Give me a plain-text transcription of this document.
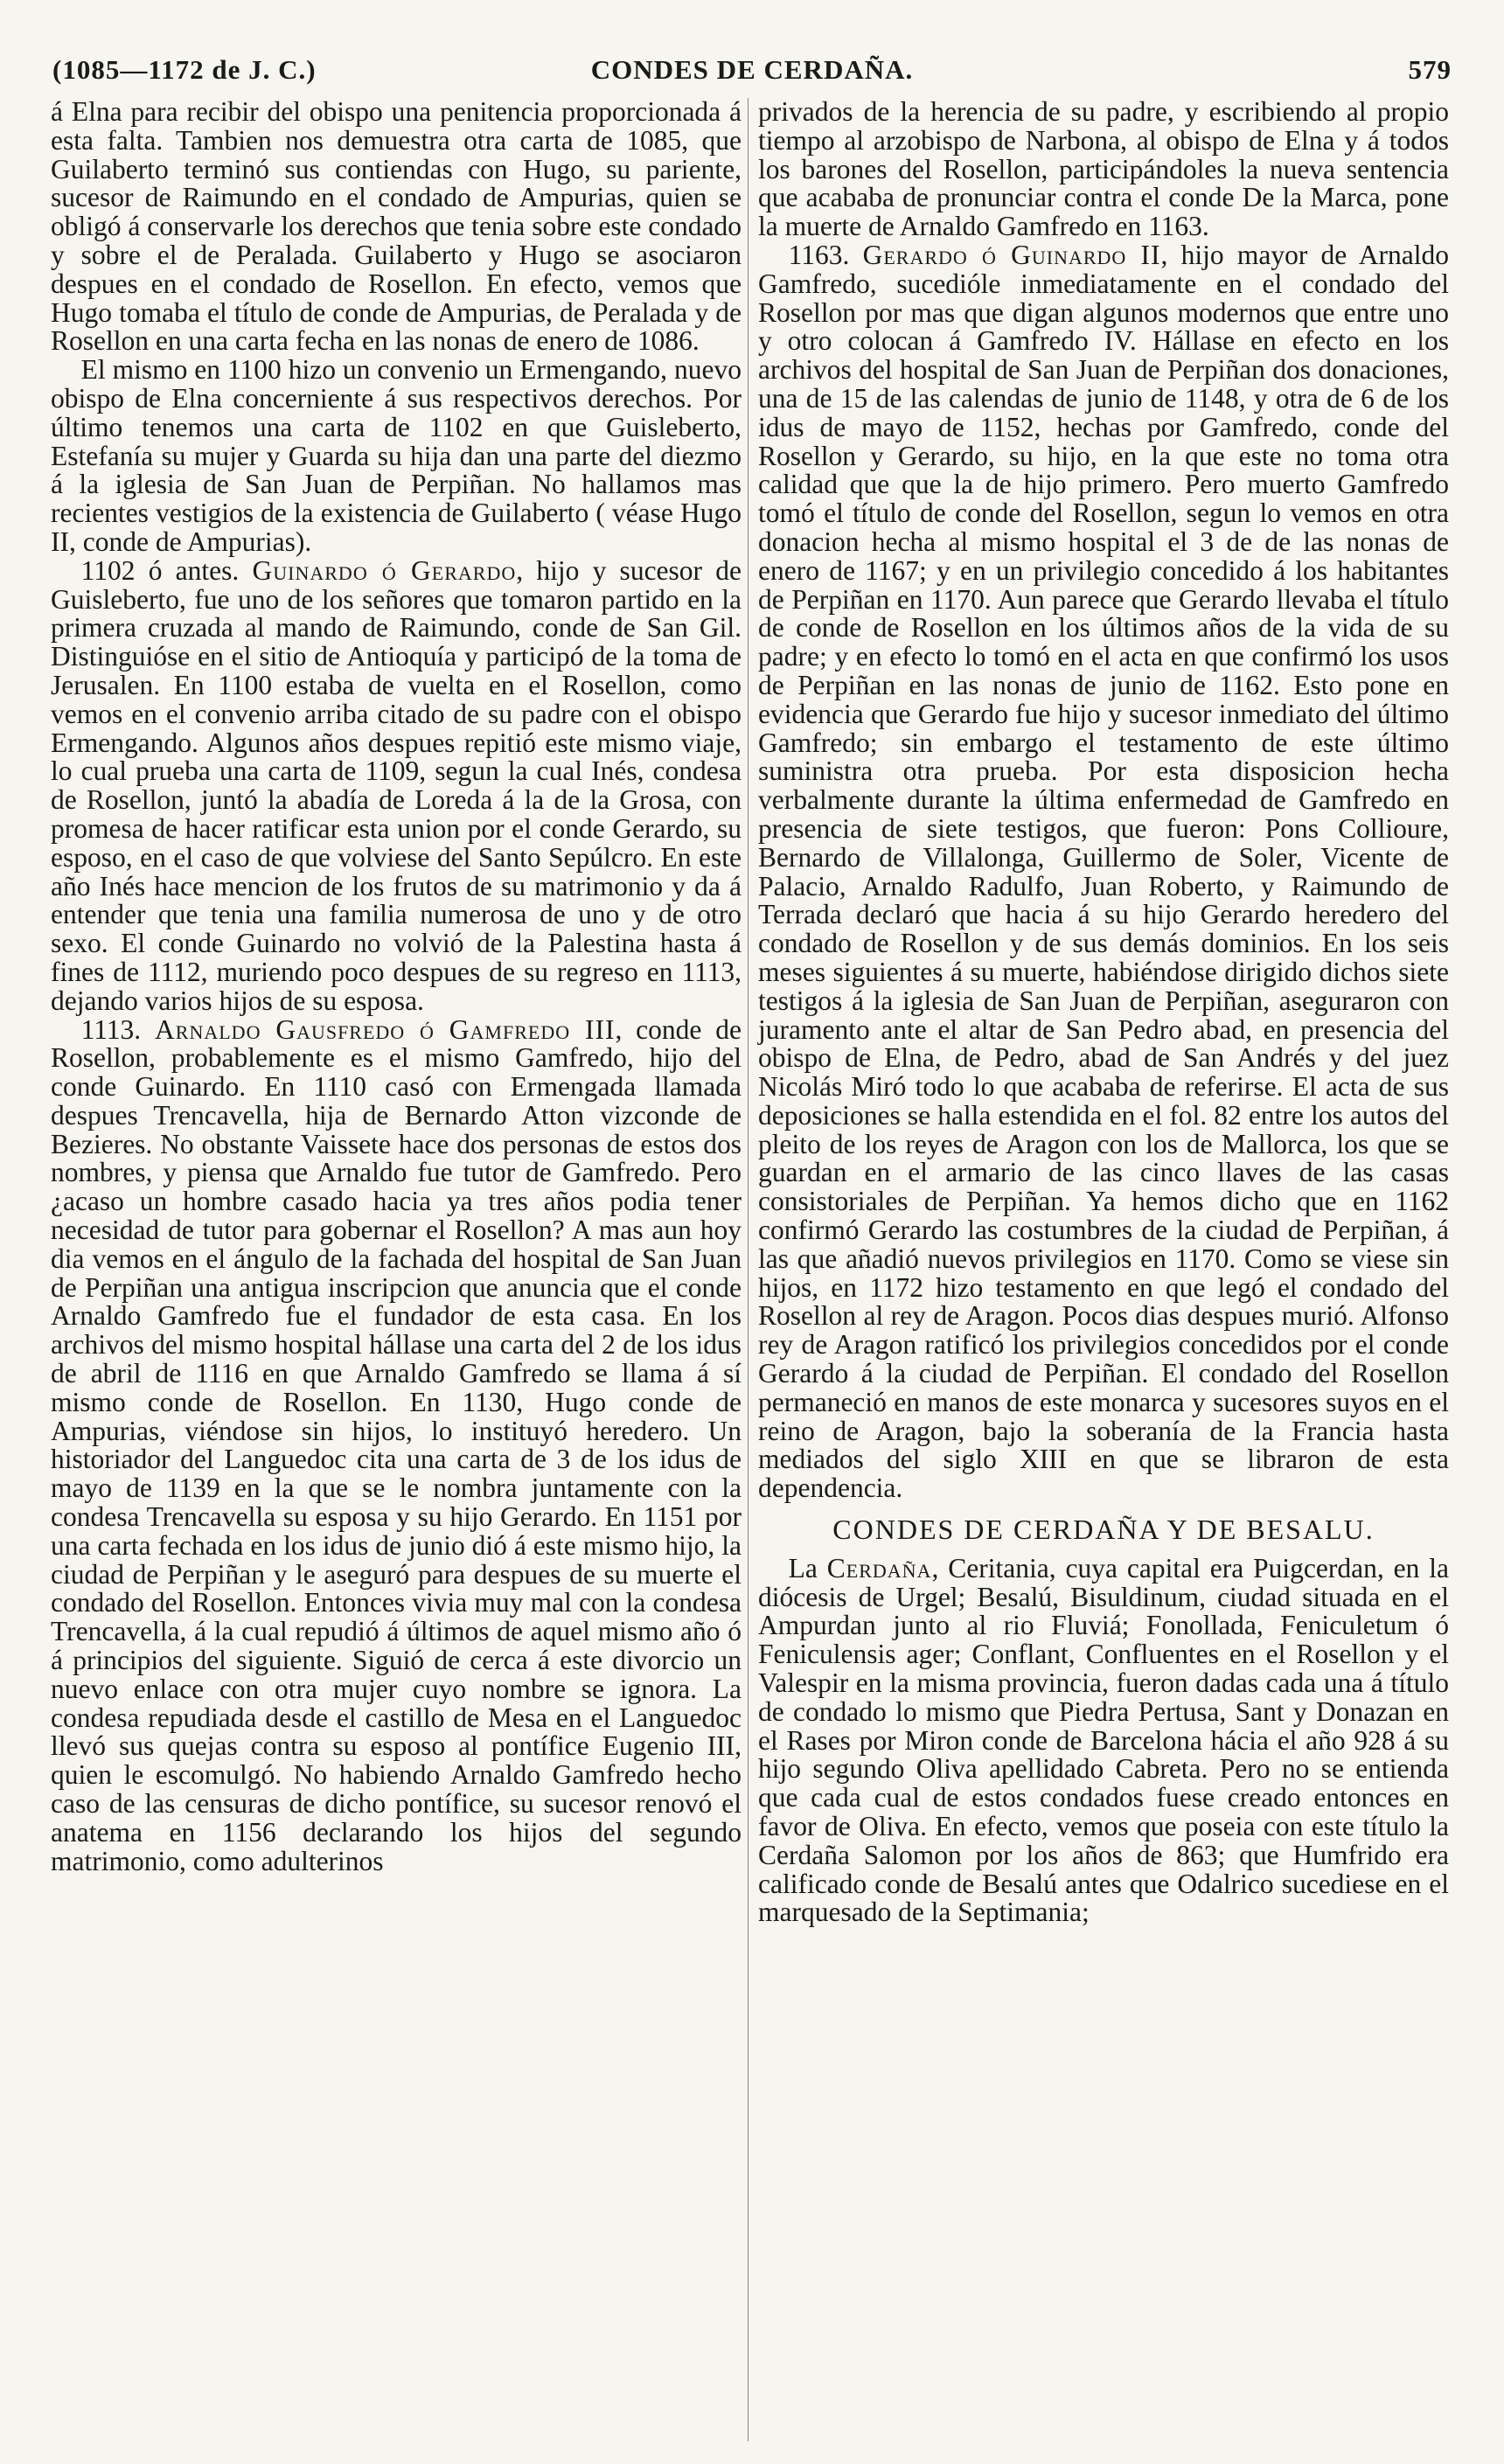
(1085—1172 de J. C.)	CONDES DE CERDAÑA.	579

á Elna para recibir del obispo una penitencia proporcionada á esta falta. Tambien nos demuestra otra carta de 1085, que Guilaberto terminó sus contiendas con Hugo, su pariente, sucesor de Raimundo en el condado de Ampurias, quien se obligó á conservarle los derechos que tenia sobre este condado y sobre el de Peralada. Guilaberto y Hugo se asociaron despues en el condado de Rosellon. En efecto, vemos que Hugo tomaba el título de conde de Ampurias, de Peralada y de Rosellon en una carta fecha en las nonas de enero de 1086.

El mismo en 1100 hizo un convenio un Ermengando, nuevo obispo de Elna concerniente á sus respectivos derechos. Por último tenemos una carta de 1102 en que Guisleberto, Estefanía su mujer y Guarda su hija dan una parte del diezmo á la iglesia de San Juan de Perpiñan. No hallamos mas recientes vestigios de la existencia de Guilaberto ( véase Hugo II, conde de Ampurias).

1102 ó antes. Guinardo ó Gerardo, hijo y sucesor de Guisleberto, fue uno de los señores que tomaron partido en la primera cruzada al mando de Raimundo, conde de San Gil. Distinguióse en el sitio de Antioquía y participó de la toma de Jerusalen. En 1100 estaba de vuelta en el Rosellon, como vemos en el convenio arriba citado de su padre con el obispo Ermengando. Algunos años despues repitió este mismo viaje, lo cual prueba una carta de 1109, segun la cual Inés, condesa de Rosellon, juntó la abadía de Loreda á la de la Grosa, con promesa de hacer ratificar esta union por el conde Gerardo, su esposo, en el caso de que volviese del Santo Sepúlcro. En este año Inés hace mencion de los frutos de su matrimonio y da á entender que tenia una familia numerosa de uno y de otro sexo. El conde Guinardo no volvió de la Palestina hasta á fines de 1112, muriendo poco despues de su regreso en 1113, dejando varios hijos de su esposa.

1113. Arnaldo Gausfredo ó Gamfredo III, conde de Rosellon, probablemente es el mismo Gamfredo, hijo del conde Guinardo. En 1110 casó con Ermengada llamada despues Trencavella, hija de Bernardo Atton vizconde de Bezieres. No obstante Vaissete hace dos personas de estos dos nombres, y piensa que Arnaldo fue tutor de Gamfredo. Pero ¿acaso un hombre casado hacia ya tres años podia tener necesidad de tutor para gobernar el Rosellon? A mas aun hoy dia vemos en el ángulo de la fachada del hospital de San Juan de Perpiñan una antigua inscripcion que anuncia que el conde Arnaldo Gamfredo fue el fundador de esta casa. En los archivos del mismo hospital hállase una carta del 2 de los idus de abril de 1116 en que Arnaldo Gamfredo se llama á sí mismo conde de Rosellon. En 1130, Hugo conde de Ampurias, viéndose sin hijos, lo instituyó heredero. Un historiador del Languedoc cita una carta de 3 de los idus de mayo de 1139 en la que se le nombra juntamente con la condesa Trencavella su esposa y su hijo Gerardo. En 1151 por una carta fechada en los idus de junio dió á este mismo hijo, la ciudad de Perpiñan y le aseguró para despues de su muerte el condado del Rosellon. Entonces vivia muy mal con la condesa Trencavella, á la cual repudió á últimos de aquel mismo año ó á principios del siguiente. Siguió de cerca á este divorcio un nuevo enlace con otra mujer cuyo nombre se ignora. La condesa repudiada desde el castillo de Mesa en el Languedoc llevó sus quejas contra su esposo al pontífice Eugenio III, quien le escomulgó. No habiendo Arnaldo Gamfredo hecho caso de las censuras de dicho pontífice, su sucesor renovó el anatema en 1156 declarando los hijos del segundo matrimonio, como adulterinos

privados de la herencia de su padre, y escribiendo al propio tiempo al arzobispo de Narbona, al obispo de Elna y á todos los barones del Rosellon, participándoles la nueva sentencia que acababa de pronunciar contra el conde De la Marca, pone la muerte de Arnaldo Gamfredo en 1163.

1163. Gerardo ó Guinardo II, hijo mayor de Arnaldo Gamfredo, sucedióle inmediatamente en el condado del Rosellon por mas que digan algunos modernos que entre uno y otro colocan á Gamfredo IV. Hállase en efecto en los archivos del hospital de San Juan de Perpiñan dos donaciones, una de 15 de las calendas de junio de 1148, y otra de 6 de los idus de mayo de 1152, hechas por Gamfredo, conde del Rosellon y Gerardo, su hijo, en la que este no toma otra calidad que que la de hijo primero. Pero muerto Gamfredo tomó el título de conde del Rosellon, segun lo vemos en otra donacion hecha al mismo hospital el 3 de de las nonas de enero de 1167; y en un privilegio concedido á los habitantes de Perpiñan en 1170. Aun parece que Gerardo llevaba el título de conde de Rosellon en los últimos años de la vida de su padre; y en efecto lo tomó en el acta en que confirmó los usos de Perpiñan en las nonas de junio de 1162. Esto pone en evidencia que Gerardo fue hijo y sucesor inmediato del último Gamfredo; sin embargo el testamento de este último suministra otra prueba. Por esta disposicion hecha verbalmente durante la última enfermedad de Gamfredo en presencia de siete testigos, que fueron: Pons Collioure, Bernardo de Villalonga, Guillermo de Soler, Vicente de Palacio, Arnaldo Radulfo, Juan Roberto, y Raimundo de Terrada declaró que hacia á su hijo Gerardo heredero del condado de Rosellon y de sus demás dominios. En los seis meses siguientes á su muerte, habiéndose dirigido dichos siete testigos á la iglesia de San Juan de Perpiñan, aseguraron con juramento ante el altar de San Pedro abad, en presencia del obispo de Elna, de Pedro, abad de San Andrés y del juez Nicolás Miró todo lo que acababa de referirse. El acta de sus deposiciones se halla estendida en el fol. 82 entre los autos del pleito de los reyes de Aragon con los de Mallorca, los que se guardan en el armario de las cinco llaves de las casas consistoriales de Perpiñan. Ya hemos dicho que en 1162 confirmó Gerardo las costumbres de la ciudad de Perpiñan, á las que añadió nuevos privilegios en 1170. Como se viese sin hijos, en 1172 hizo testamento en que legó el condado del Rosellon al rey de Aragon. Pocos dias despues murió. Alfonso rey de Aragon ratificó los privilegios concedidos por el conde Gerardo á la ciudad de Perpiñan. El condado del Rosellon permaneció en manos de este monarca y sucesores suyos en el reino de Aragon, bajo la soberanía de la Francia hasta mediados del siglo XIII en que se libraron de esta dependencia.

CONDES DE CERDAÑA Y DE BESALU.

La Cerdaña, Ceritania, cuya capital era Puigcerdan, en la diócesis de Urgel; Besalú, Bisuldinum, ciudad situada en el Ampurdan junto al rio Fluviá; Fonollada, Feniculetum ó Feniculensis ager; Conflant, Confluentes en el Rosellon y el Valespir en la misma provincia, fueron dadas cada una á título de condado lo mismo que Piedra Pertusa, Sant y Donazan en el Rases por Miron conde de Barcelona hácia el año 928 á su hijo segundo Oliva apellidado Cabreta. Pero no se entienda que cada cual de estos condados fuese creado entonces en favor de Oliva. En efecto, vemos que poseia con este título la Cerdaña Salomon por los años de 863; que Humfrido era calificado conde de Besalú antes que Odalrico sucediese en el marquesado de la Septimania;
